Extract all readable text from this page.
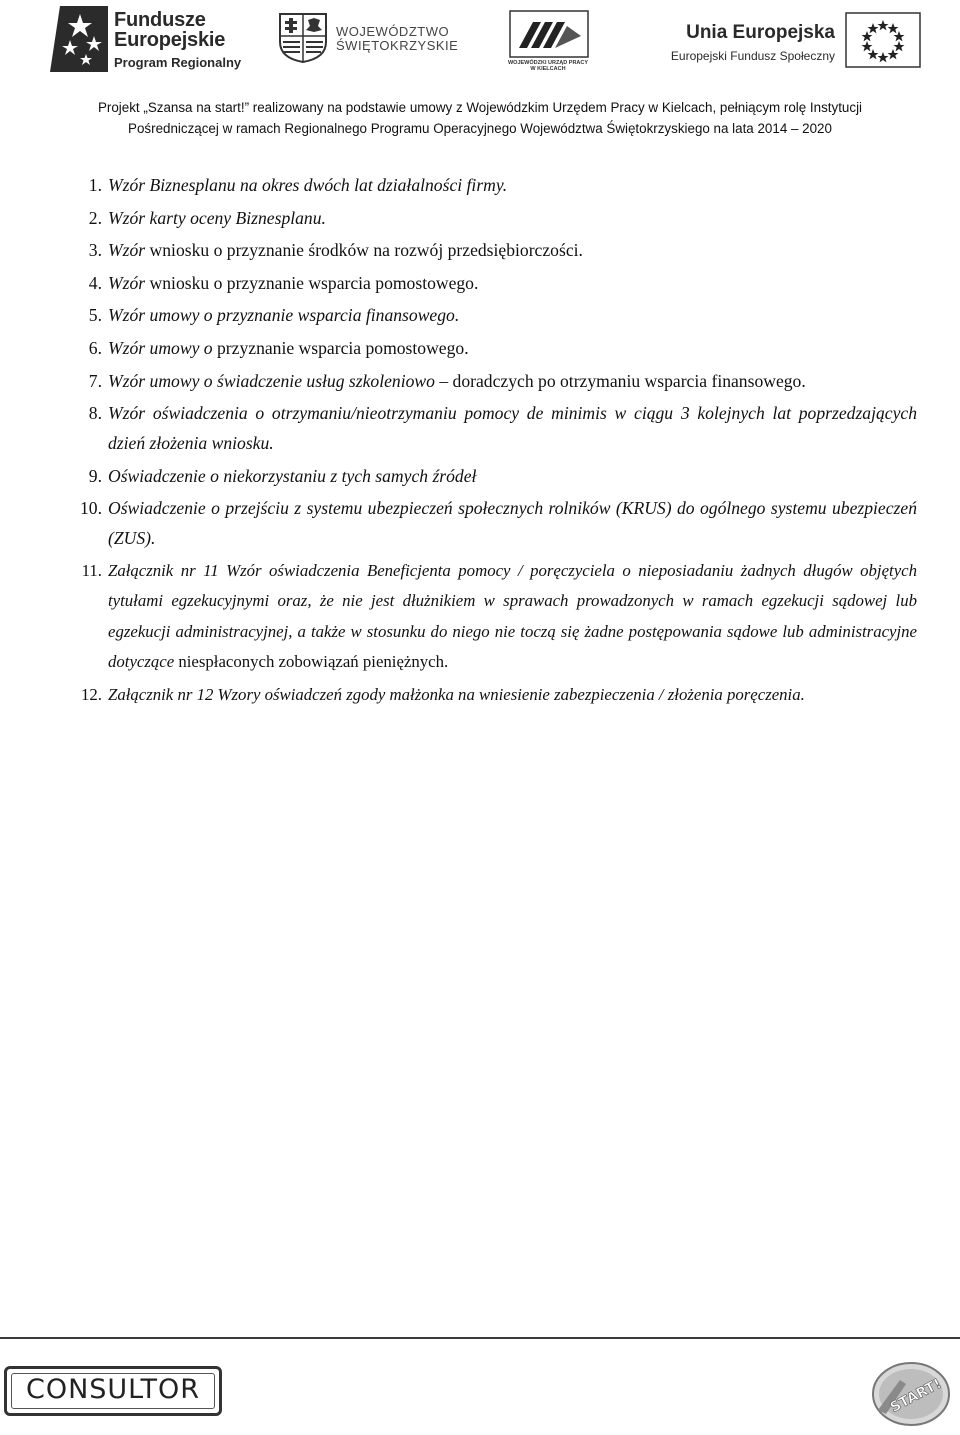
Fundusze
Europejskie
Program Regionalny
WOJEWÓDZTWO
ŚWIĘTOKRZYSKIE
WOJEWÓDZKI URZĄD PRACY
W KIELCACH
Unia Europejska
Europejski Fundusz Społeczny
Projekt „Szansa na start!” realizowany na podstawie umowy z Wojewódzkim Urzędem Pracy w Kielcach, pełniącym rolę Instytucji
Pośredniczącej w ramach Regionalnego Programu Operacyjnego Województwa Świętokrzyskiego na lata 2014 – 2020
1. Wzór Biznesplanu na okres dwóch lat działalności firmy.
2. Wzór karty oceny Biznesplanu.
3. Wzór wniosku o przyznanie środków na rozwój przedsiębiorczości.
4. Wzór wniosku o przyznanie wsparcia pomostowego.
5. Wzór umowy o przyznanie wsparcia finansowego.
6. Wzór umowy o przyznanie wsparcia pomostowego.
7. Wzór umowy o świadczenie usług szkoleniowo – doradczych po otrzymaniu wsparcia finansowego.
8. Wzór oświadczenia o otrzymaniu/nieotrzymaniu pomocy de minimis w ciągu 3 kolejnych lat poprzedzających dzień złożenia wniosku.
9. Oświadczenie o niekorzystaniu z tych samych źródeł
10. Oświadczenie o przejściu z systemu ubezpieczeń społecznych rolników (KRUS) do ogólnego systemu ubezpieczeń (ZUS).
11. Załącznik nr 11 Wzór oświadczenia Beneficjenta pomocy / poręczyciela o nieposiadaniu żadnych długów objętych tytułami egzekucyjnymi oraz, że nie jest dłużnikiem w sprawach prowadzonych w ramach egzekucji sądowej lub egzekucji administracyjnej, a także w stosunku do niego nie toczą się żadne postępowania sądowe lub administracyjne dotyczące niespłaconych zobowiązań pieniężnych.
12. Załącznik nr 12 Wzory oświadczeń zgody małżonka na wniesienie zabezpieczenia / złożenia poręczenia.
CONSULTOR	START!
